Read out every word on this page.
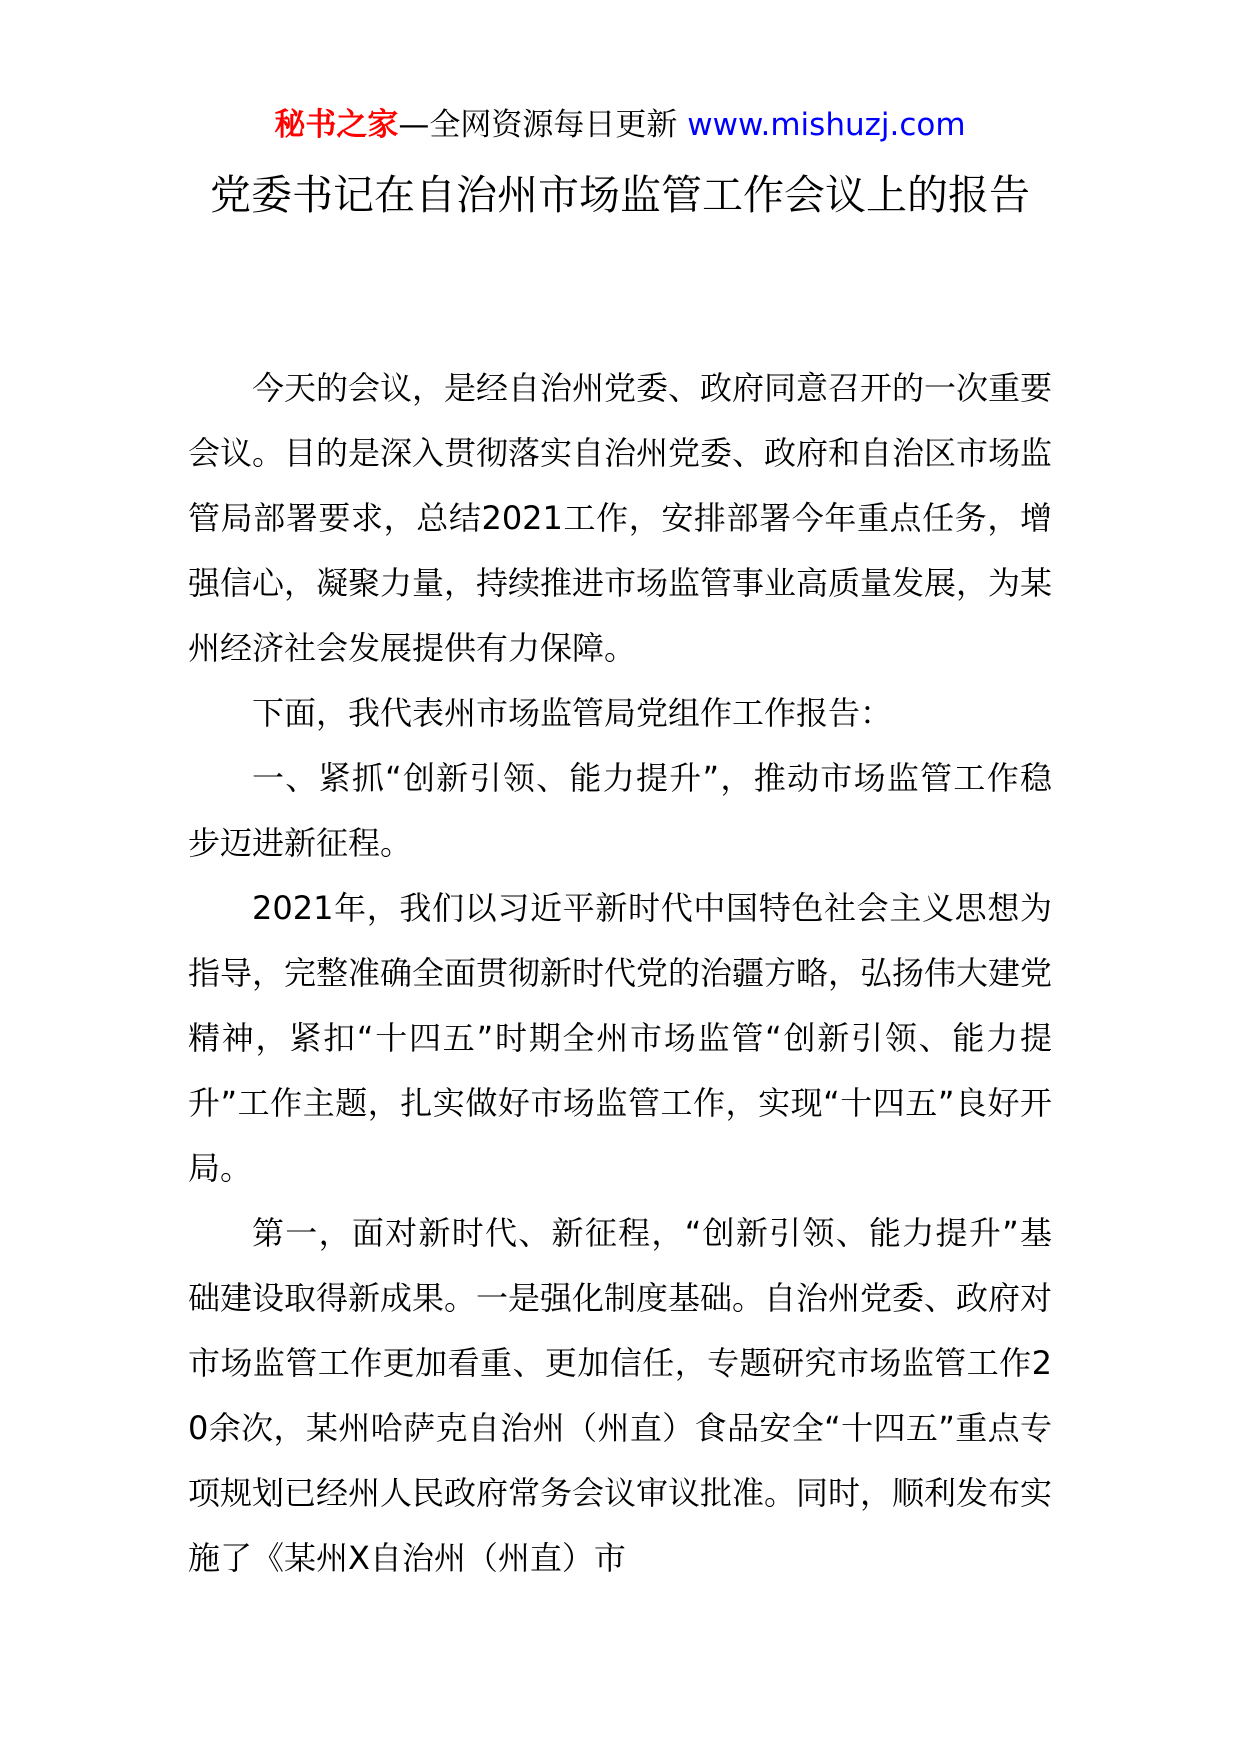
秘书之家—全网资源每日更新 www.mishuzj.com
党委书记在自治州市场监管工作会议上的报告

今天的会议，是经自治州党委、政府同意召开的一次重要会议。目的是深入贯彻落实自治州党委、政府和自治区市场监管局部署要求，总结2021工作，安排部署今年重点任务，增强信心，凝聚力量，持续推进市场监管事业高质量发展，为某州经济社会发展提供有力保障。

下面，我代表州市场监管局党组作工作报告：

一、紧抓“创新引领、能力提升”，推动市场监管工作稳步迈进新征程。

2021年，我们以习近平新时代中国特色社会主义思想为指导，完整准确全面贯彻新时代党的治疆方略，弘扬伟大建党精神，紧扣“十四五”时期全州市场监管“创新引领、能力提升”工作主题，扎实做好市场监管工作，实现“十四五”良好开局。

第一，面对新时代、新征程，“创新引领、能力提升”基础建设取得新成果。一是强化制度基础。自治州党委、政府对市场监管工作更加看重、更加信任，专题研究市场监管工作20余次，某州哈萨克自治州（州直）食品安全“十四五”重点专项规划已经州人民政府常务会议审议批准。同时，顺利发布实施了《某州X自治州（州直）市
